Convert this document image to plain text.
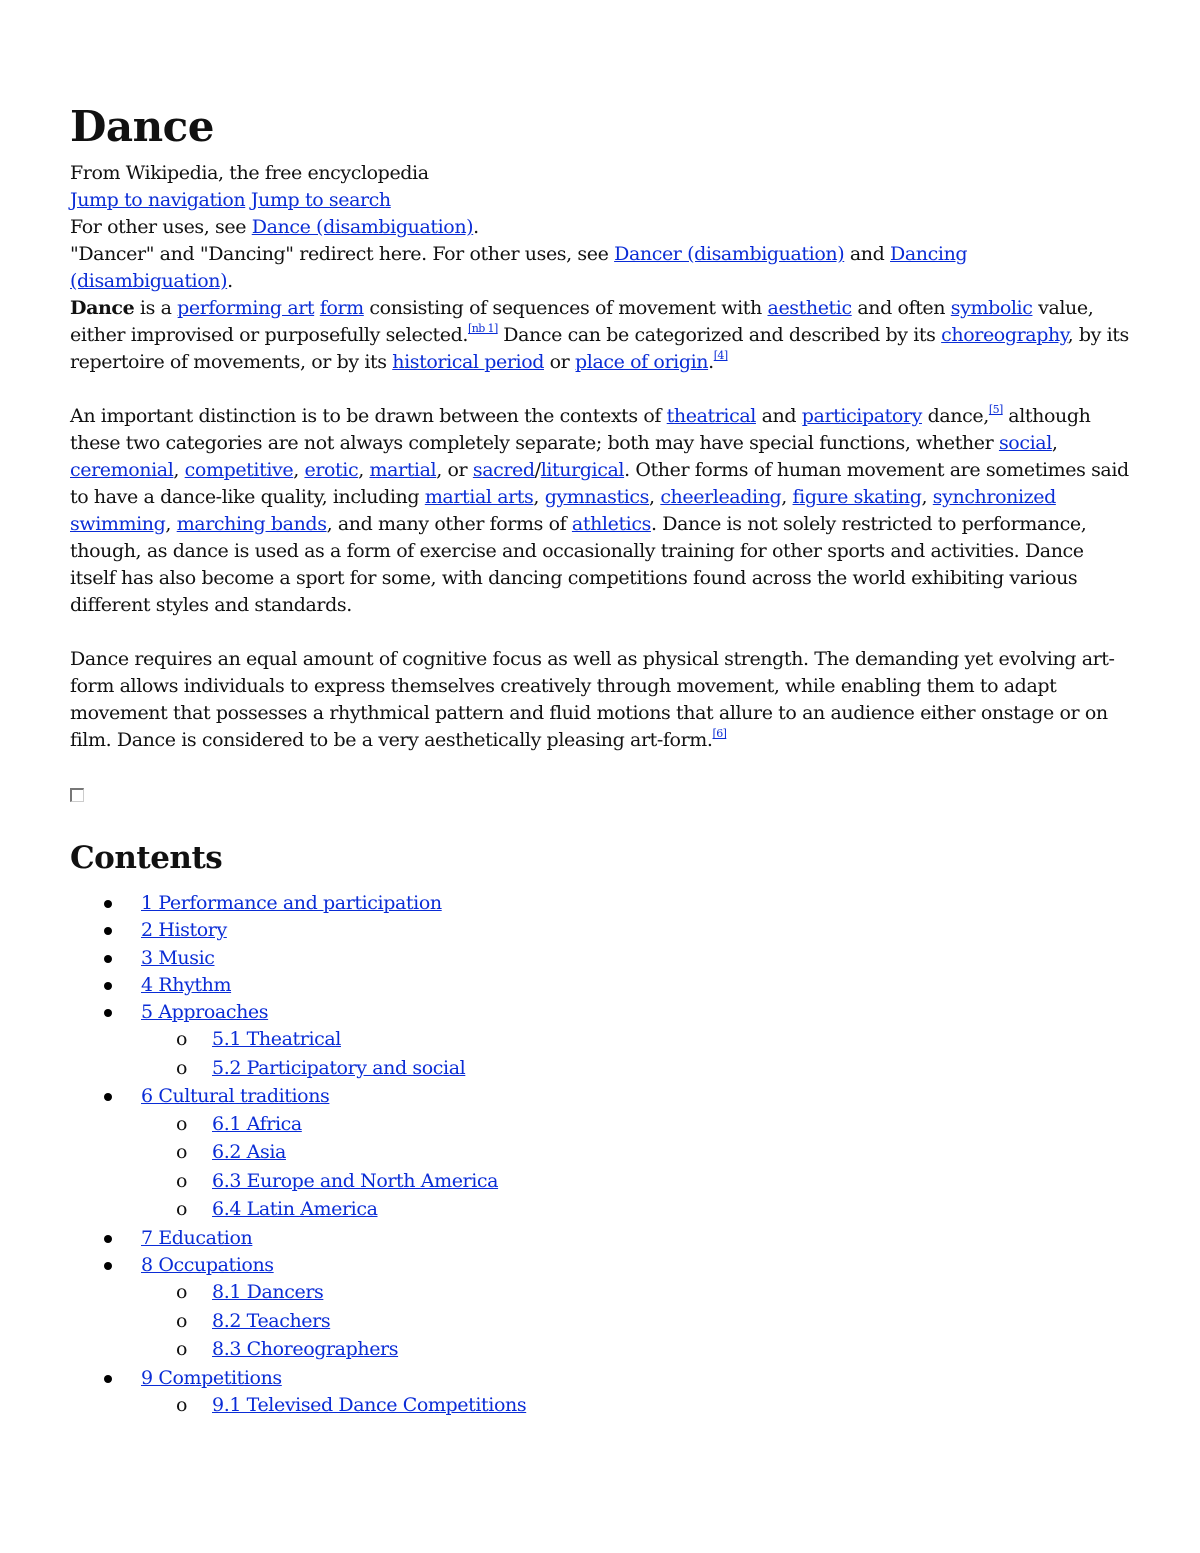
Dance
From Wikipedia, the free encyclopedia
Jump to navigation Jump to search
For other uses, see Dance (disambiguation).
"Dancer" and "Dancing" redirect here. For other uses, see Dancer (disambiguation) and Dancing (disambiguation).

Dance is a performing art form consisting of sequences of movement with aesthetic and often symbolic value, either improvised or purposefully selected.[nb 1] Dance can be categorized and described by its choreography, by its repertoire of movements, or by its historical period or place of origin.[4]

An important distinction is to be drawn between the contexts of theatrical and participatory dance,[5] although these two categories are not always completely separate; both may have special functions, whether social, ceremonial, competitive, erotic, martial, or sacred/liturgical. Other forms of human movement are sometimes said to have a dance-like quality, including martial arts, gymnastics, cheerleading, figure skating, synchronized swimming, marching bands, and many other forms of athletics. Dance is not solely restricted to performance, though, as dance is used as a form of exercise and occasionally training for other sports and activities. Dance itself has also become a sport for some, with dancing competitions found across the world exhibiting various different styles and standards.

Dance requires an equal amount of cognitive focus as well as physical strength. The demanding yet evolving art-form allows individuals to express themselves creatively through movement, while enabling them to adapt movement that possesses a rhythmical pattern and fluid motions that allure to an audience either onstage or on film. Dance is considered to be a very aesthetically pleasing art-form.[6]

Contents
1 Performance and participation
2 History
3 Music
4 Rhythm
5 Approaches
o 5.1 Theatrical
o 5.2 Participatory and social
6 Cultural traditions
o 6.1 Africa
o 6.2 Asia
o 6.3 Europe and North America
o 6.4 Latin America
7 Education
8 Occupations
o 8.1 Dancers
o 8.2 Teachers
o 8.3 Choreographers
9 Competitions
o 9.1 Televised Dance Competitions
